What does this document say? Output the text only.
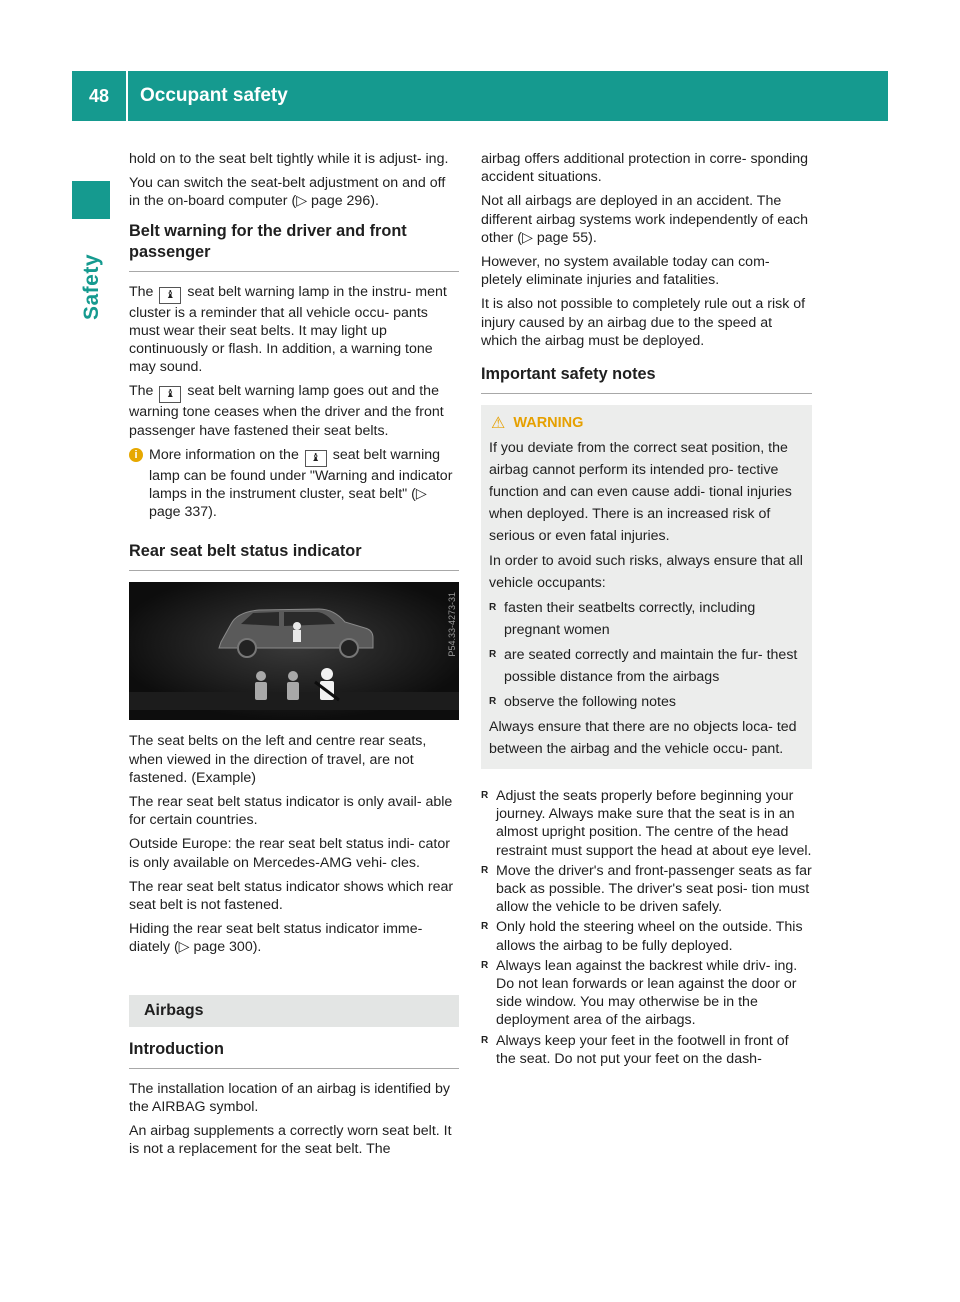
48	Occupant safety
Safety

hold on to the seat belt tightly while it is adjust- ing.

You can switch the seat-belt adjustment on and off in the on-board computer (▷ page 296).

Belt warning for the driver and front passenger

The ♝ seat belt warning lamp in the instru- ment cluster is a reminder that all vehicle occu- pants must wear their seat belts. It may light up continuously or flash. In addition, a warning tone may sound.

The ♝ seat belt warning lamp goes out and the warning tone ceases when the driver and the front passenger have fastened their seat belts.

i More information on the ♝ seat belt warning lamp can be found under "Warning and indicator lamps in the instrument cluster, seat belt" (▷ page 337).
Rear seat belt status indicator
P54.33-4273-31

The seat belts on the left and centre rear seats, when viewed in the direction of travel, are not fastened. (Example)

The rear seat belt status indicator is only avail- able for certain countries.

Outside Europe: the rear seat belt status indi- cator is only available on Mercedes-AMG vehi- cles.

The rear seat belt status indicator shows which rear seat belt is not fastened.

Hiding the rear seat belt status indicator imme- diately (▷ page 300).

Airbags
Introduction

The installation location of an airbag is identified by the AIRBAG symbol.

An airbag supplements a correctly worn seat belt. It is not a replacement for the seat belt. The

airbag offers additional protection in corre- sponding accident situations.

Not all airbags are deployed in an accident. The different airbag systems work independently of each other (▷ page 55).

However, no system available today can com- pletely eliminate injuries and fatalities.

It is also not possible to completely rule out a risk of injury caused by an airbag due to the speed at which the airbag must be deployed.

Important safety notes
⚠ WARNING

If you deviate from the correct seat position, the airbag cannot perform its intended pro- tective function and can even cause addi- tional injuries when deployed. There is an increased risk of serious or even fatal injuries.

In order to avoid such risks, always ensure that all vehicle occupants:

R fasten their seatbelts correctly, including pregnant women
R are seated correctly and maintain the fur- thest possible distance from the airbags
R observe the following notes

Always ensure that there are no objects loca- ted between the airbag and the vehicle occu- pant.

R Adjust the seats properly before beginning your journey. Always make sure that the seat is in an almost upright position. The centre of the head restraint must support the head at about eye level.
R Move the driver's and front-passenger seats as far back as possible. The driver's seat posi- tion must allow the vehicle to be driven safely.
R Only hold the steering wheel on the outside. This allows the airbag to be fully deployed.
R Always lean against the backrest while driv- ing. Do not lean forwards or lean against the door or side window. You may otherwise be in the deployment area of the airbags.
R Always keep your feet in the footwell in front of the seat. Do not put your feet on the dash-
